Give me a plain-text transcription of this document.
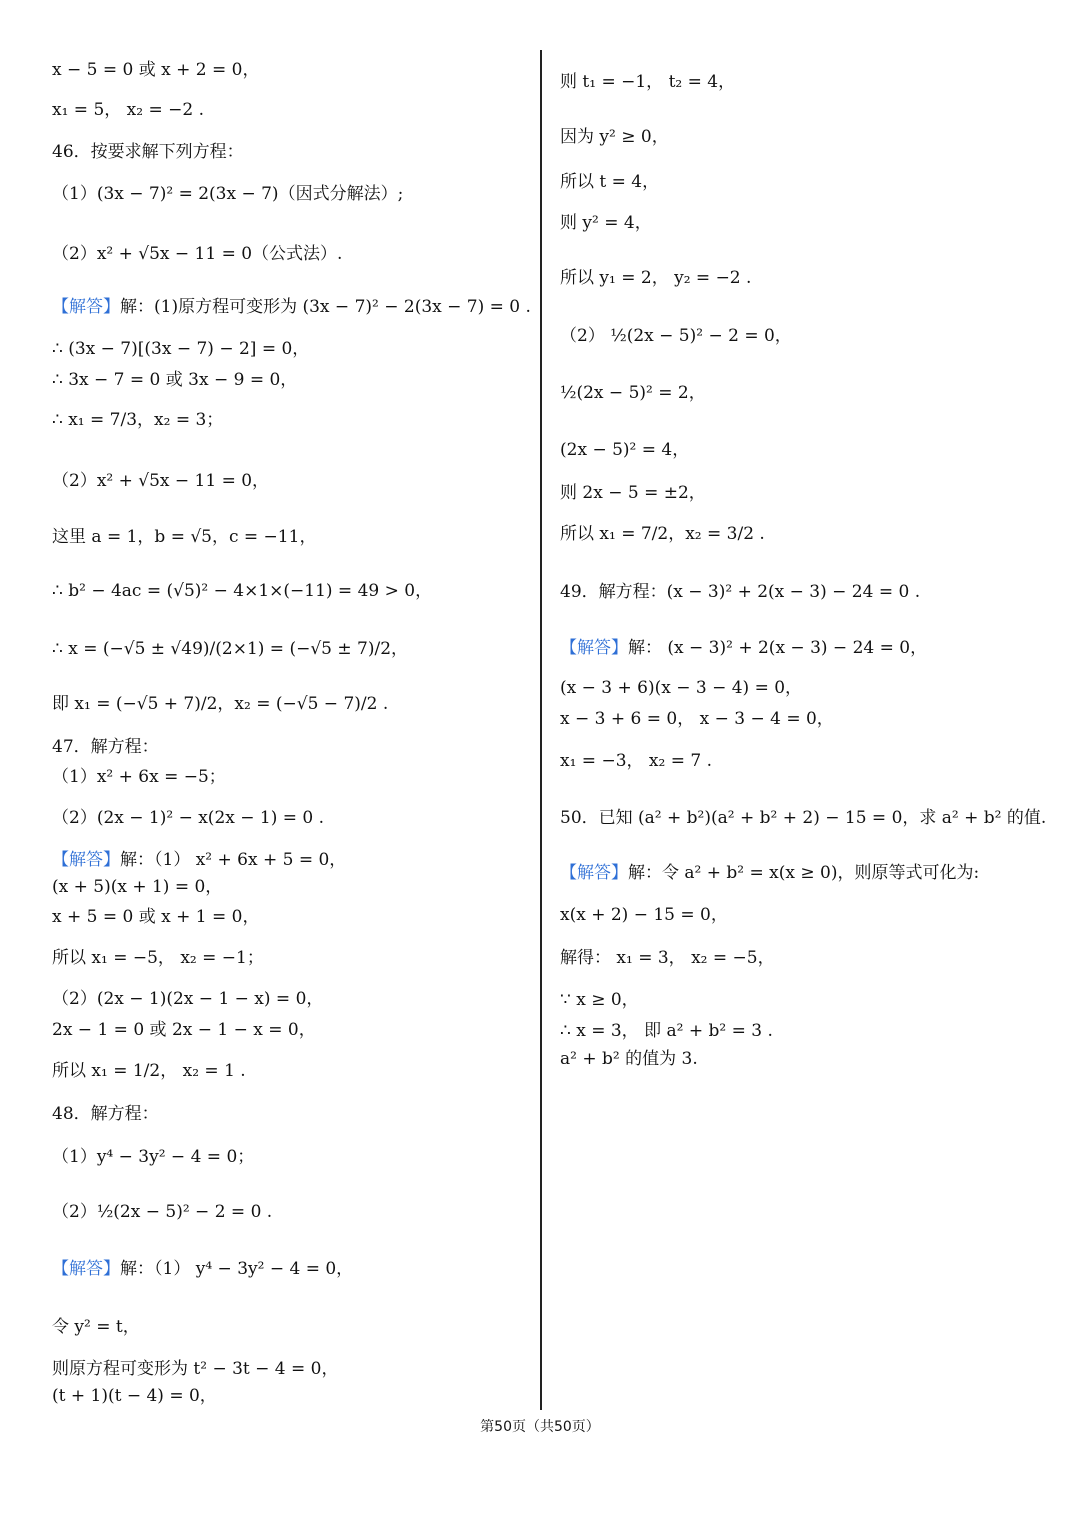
x − 5 = 0 或 x + 2 = 0，
x₁ = 5， x₂ = −2 .
46．按要求解下列方程：
（1）(3x − 7)² = 2(3x − 7)（因式分解法）;
（2）x² + √5x − 11 = 0（公式法）.
【解答】解：(1)原方程可变形为 (3x − 7)² − 2(3x − 7) = 0 .
∴ (3x − 7)[(3x − 7) − 2] = 0，
∴ 3x − 7 = 0 或 3x − 9 = 0，
∴ x₁ = 7/3，x₂ = 3；
（2）x² + √5x − 11 = 0，
这里 a = 1，b = √5，c = −11，
∴ b² − 4ac = (√5)² − 4×1×(−11) = 49 > 0，
∴ x = (−√5 ± √49)/(2×1) = (−√5 ± 7)/2，
即 x₁ = (−√5 + 7)/2，x₂ = (−√5 − 7)/2 .
47．解方程：
（1）x² + 6x = −5；
（2）(2x − 1)² − x(2x − 1) = 0 .
【解答】解：（1） x² + 6x + 5 = 0，
(x + 5)(x + 1) = 0，
x + 5 = 0 或 x + 1 = 0，
所以 x₁ = −5， x₂ = −1；
（2）(2x − 1)(2x − 1 − x) = 0，
2x − 1 = 0 或 2x − 1 − x = 0，
所以 x₁ = 1/2， x₂ = 1 .
48．解方程：
（1）y⁴ − 3y² − 4 = 0；
（2）½(2x − 5)² − 2 = 0 .
【解答】解：（1） y⁴ − 3y² − 4 = 0，
令 y² = t，
则原方程可变形为 t² − 3t − 4 = 0，
(t + 1)(t − 4) = 0，
则 t₁ = −1， t₂ = 4，
因为 y² ≥ 0，
所以 t = 4，
则 y² = 4，
所以 y₁ = 2， y₂ = −2 .
（2） ½(2x − 5)² − 2 = 0，
½(2x − 5)² = 2，
(2x − 5)² = 4，
则 2x − 5 = ±2，
所以 x₁ = 7/2，x₂ = 3/2 .
49．解方程：(x − 3)² + 2(x − 3) − 24 = 0 .
【解答】解： (x − 3)² + 2(x − 3) − 24 = 0，
(x − 3 + 6)(x − 3 − 4) = 0，
x − 3 + 6 = 0， x − 3 − 4 = 0，
x₁ = −3， x₂ = 7 .
50．已知 (a² + b²)(a² + b² + 2) − 15 = 0，求 a² + b² 的值.
【解答】解：令 a² + b² = x(x ≥ 0)，则原等式可化为:
x(x + 2) − 15 = 0，
解得： x₁ = 3， x₂ = −5，
∵ x ≥ 0，
∴ x = 3， 即 a² + b² = 3 .
a² + b² 的值为 3.
第50页（共50页）
